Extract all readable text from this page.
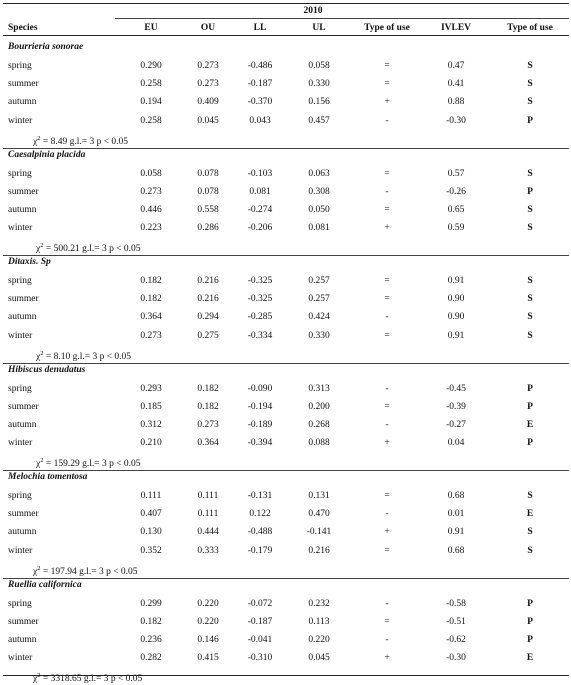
2010
Species	EU	OU	LL	UL	Type of use	IVLEV	Type of use
Bourrieria sonorae
spring	0.290	0.273	-0.486	0.058	=	0.47	S
summer	0.258	0.273	-0.187	0.330	=	0.41	S
autumn	0.194	0.409	-0.370	0.156	+	0.88	S
winter	0.258	0.045	0.043	0.457	-	-0.30	P
$\chi^2 = 8.49$ g.l.= 3 p < 0.05
Caesalpinia placida
spring	0.058	0.078	-0.103	0.063	=	0.57	S
summer	0.273	0.078	0.081	0.308	-	-0.26	P
autumn	0.446	0.558	-0.274	0.050	=	0.65	S
winter	0.223	0.286	-0.206	0.081	+	0.59	S
$\chi^2 = 500.21$ g.l.= 3 p < 0.05
Ditaxis. Sp
spring	0.182	0.216	-0.325	0.257	=	0.91	S
summer	0.182	0.216	-0.325	0.257	=	0.90	S
autumn	0.364	0.294	-0.285	0.424	-	0.90	S
winter	0.273	0.275	-0.334	0.330	=	0.91	S
$\chi^2 = 8.10$ g.l.= 3 p < 0.05
Hibiscus denudatus
spring	0.293	0.182	-0.090	0.313	-	-0.45	P
summer	0.185	0.182	-0.194	0.200	=	-0.39	P
autumn	0.312	0.273	-0.189	0.268	-	-0.27	E
winter	0.210	0.364	-0.394	0.088	+	0.04	P
$\chi^2 = 159.29$ g.l.= 3 p < 0.05
Melochia tomentosa
spring	0.111	0.111	-0.131	0.131	=	0.68	S
summer	0.407	0.111	0.122	0.470	-	0.01	E
autumn	0.130	0.444	-0.488	-0.141	+	0.91	S
winter	0.352	0.333	-0.179	0.216	=	0.68	S
$\chi^2 = 197.94$ g.l.= 3 p < 0.05
Ruellia californica
spring	0.299	0.220	-0.072	0.232	-	-0.58	P
summer	0.182	0.220	-0.187	0.113	=	-0.51	P
autumn	0.236	0.146	-0.041	0.220	-	-0.62	P
winter	0.282	0.415	-0.310	0.045	+	-0.30	E
$\chi^2 = 3318.65$ g.l.= 3 p < 0.05
